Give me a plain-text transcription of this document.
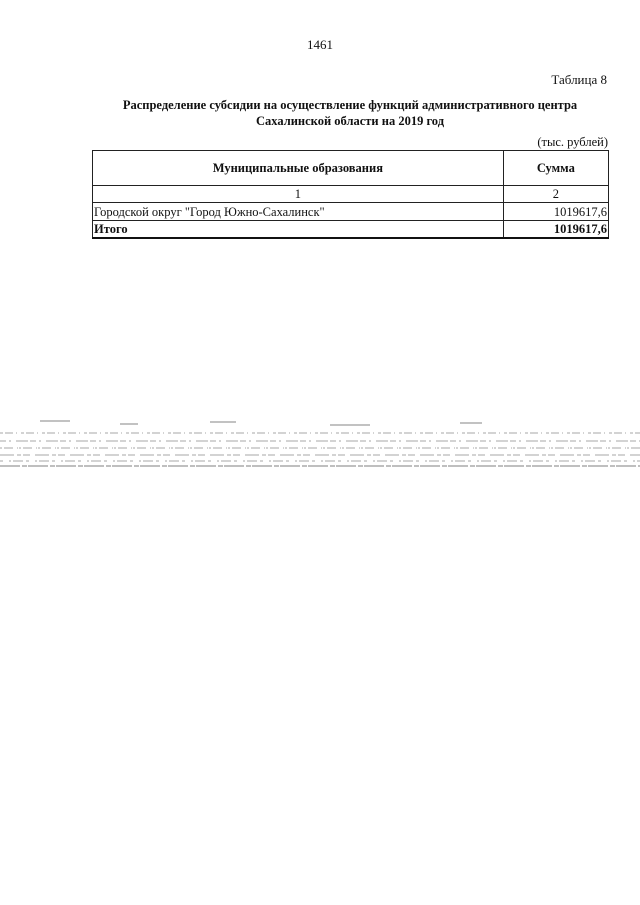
1461
Таблица 8
Распределение субсидии на осуществление функций административного центра
Сахалинской области на 2019 год
(тыс. рублей)
Муниципальные образования	Сумма
1	2
Городской округ "Город Южно-Сахалинск"	1019617,6
Итого	1019617,6
